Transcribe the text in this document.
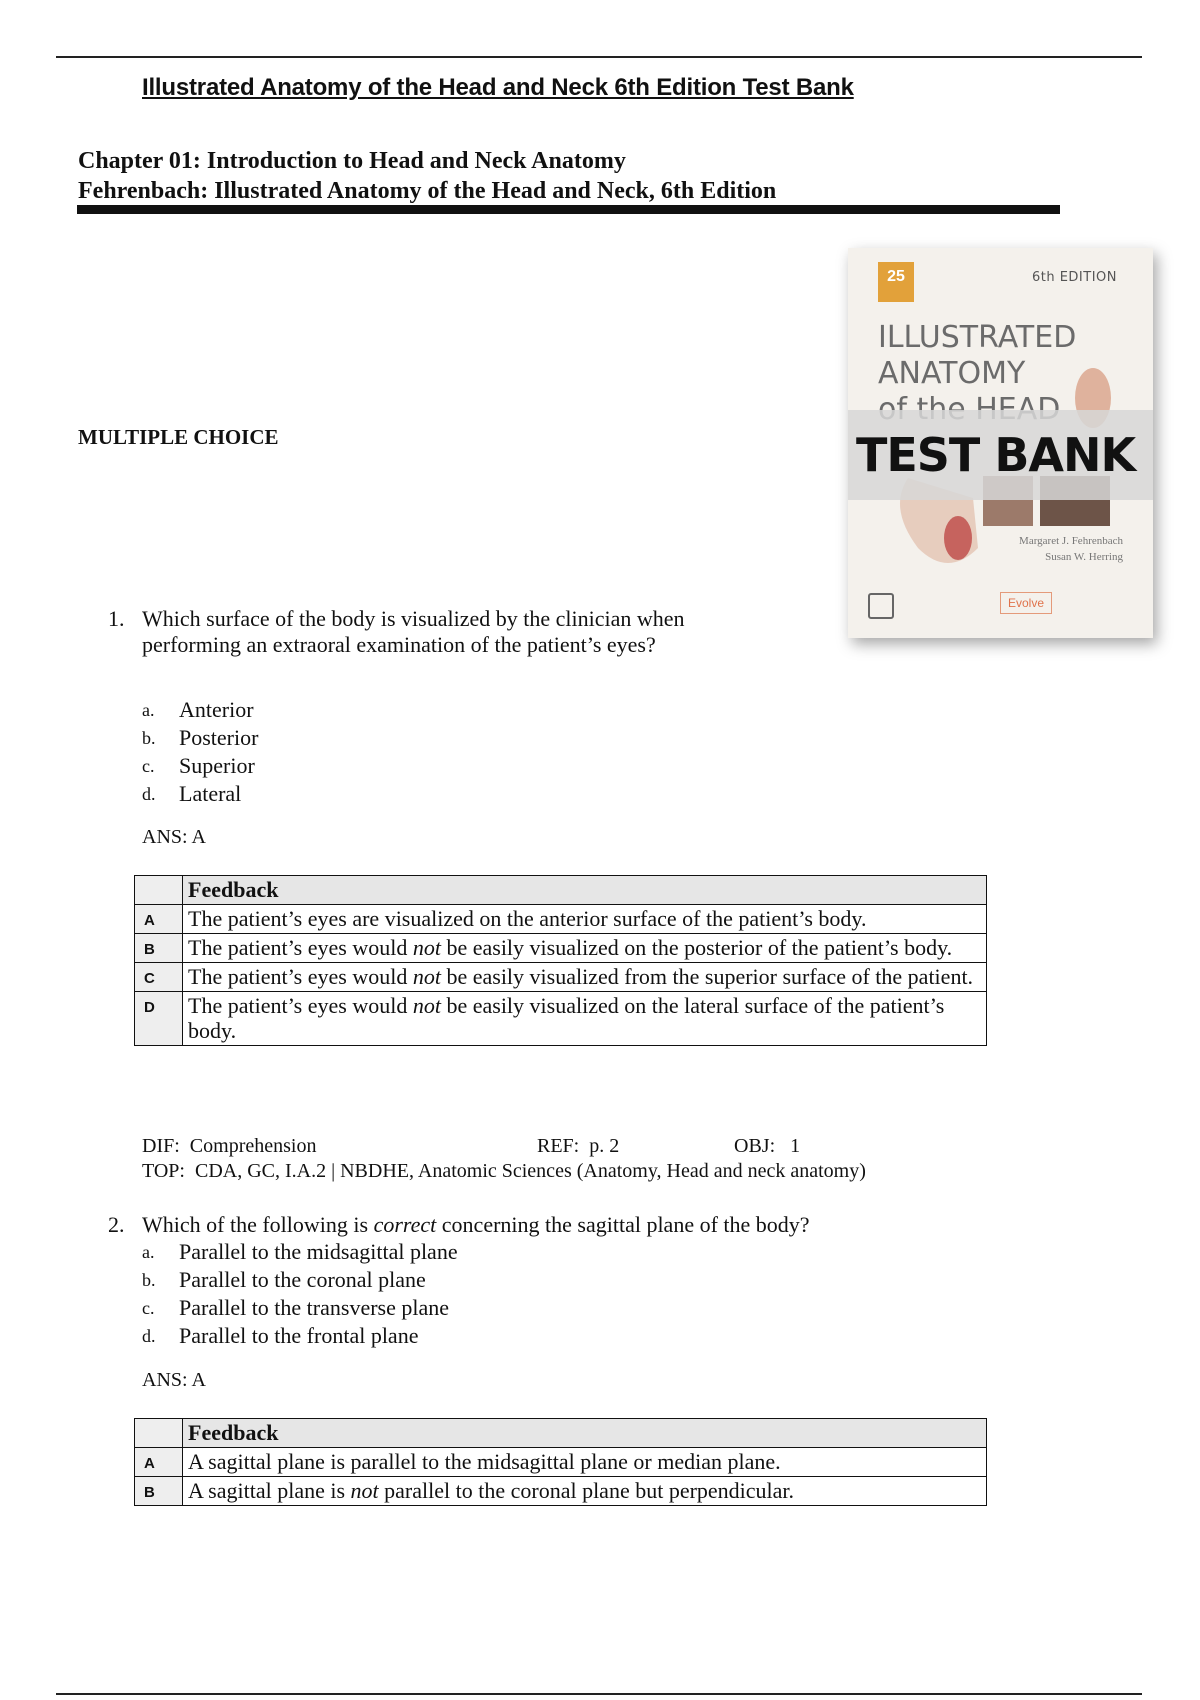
Illustrated Anatomy of the Head and Neck 6th Edition Test Bank
Chapter 01: Introduction to Head and Neck Anatomy
Fehrenbach: Illustrated Anatomy of the Head and Neck, 6th Edition
MULTIPLE CHOICE
25	6th EDITION
ILLUSTRATED
ANATOMY
TEST BANK
Margaret J. Fehrenbach
Susan W. Herring
Evolve
1. Which surface of the body is visualized by the clinician when
performing an extraoral examination of the patient’s eyes?
a. Anterior
b. Posterior
c. Superior
d. Lateral
ANS: A
	Feedback
A	The patient’s eyes are visualized on the anterior surface of the patient’s body.
B	The patient’s eyes would not be easily visualized on the posterior of the patient’s body.
C	The patient’s eyes would not be easily visualized from the superior surface of the patient.
D	The patient’s eyes would not be easily visualized on the lateral surface of the patient’s body.
DIF: Comprehension	REF: p. 2	OBJ: 1
TOP: CDA, GC, I.A.2 | NBDHE, Anatomic Sciences (Anatomy, Head and neck anatomy)
2. Which of the following is correct concerning the sagittal plane of the body?
a. Parallel to the midsagittal plane
b. Parallel to the coronal plane
c. Parallel to the transverse plane
d. Parallel to the frontal plane
ANS: A
	Feedback
A	A sagittal plane is parallel to the midsagittal plane or median plane.
B	A sagittal plane is not parallel to the coronal plane but perpendicular.
